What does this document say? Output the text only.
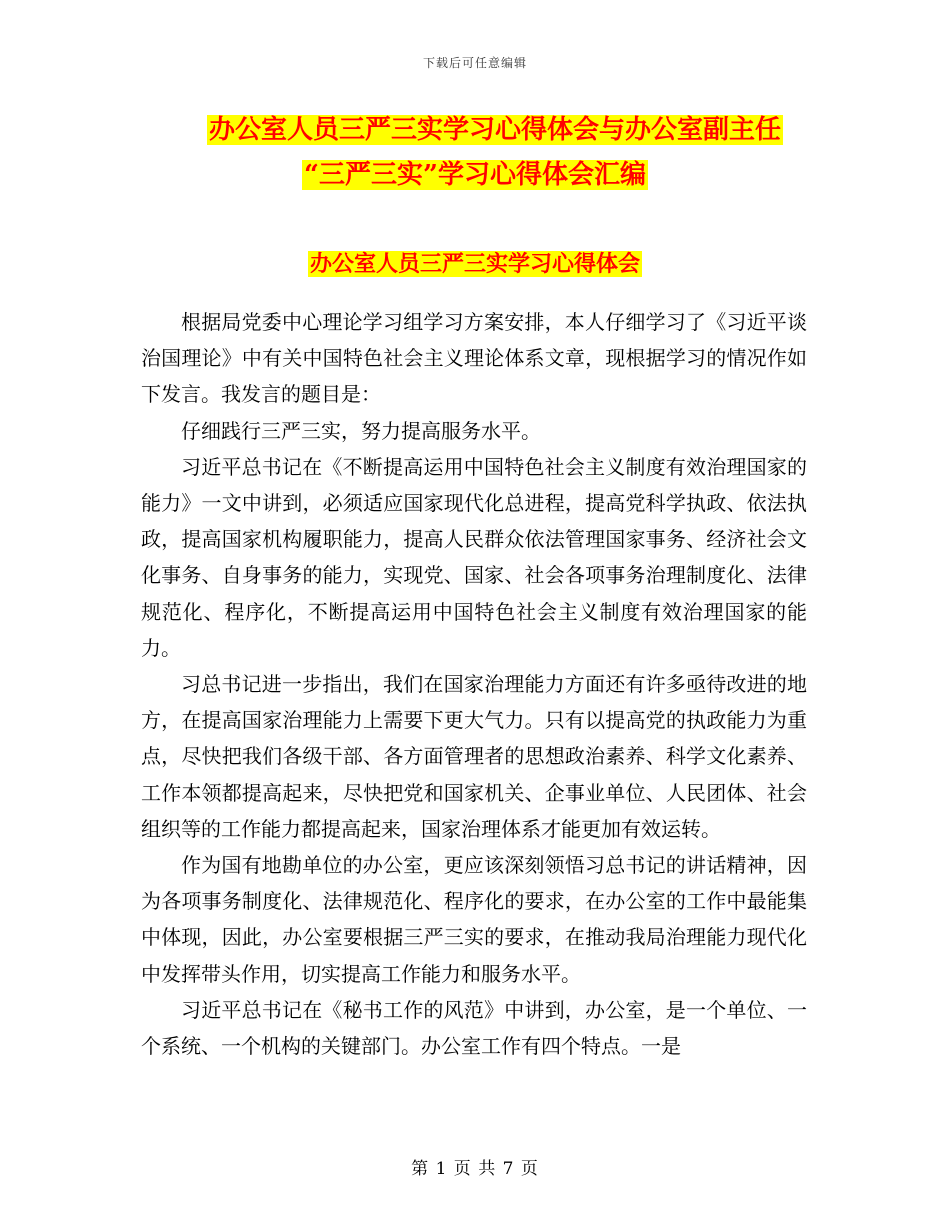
下载后可任意编辑
办公室人员三严三实学习心得体会与办公室副主任
“三严三实”学习心得体会汇编
办公室人员三严三实学习心得体会

根据局党委中心理论学习组学习方案安排，本人仔细学习了《习近平谈治国理论》中有关中国特色社会主义理论体系文章，现根据学习的情况作如下发言。我发言的题目是：

仔细践行三严三实，努力提高服务水平。

习近平总书记在《不断提高运用中国特色社会主义制度有效治理国家的能力》一文中讲到，必须适应国家现代化总进程，提高党科学执政、依法执政，提高国家机构履职能力，提高人民群众依法管理国家事务、经济社会文化事务、自身事务的能力，实现党、国家、社会各项事务治理制度化、法律规范化、程序化，不断提高运用中国特色社会主义制度有效治理国家的能力。

习总书记进一步指出，我们在国家治理能力方面还有许多亟待改进的地方，在提高国家治理能力上需要下更大气力。只有以提高党的执政能力为重点，尽快把我们各级干部、各方面管理者的思想政治素养、科学文化素养、工作本领都提高起来，尽快把党和国家机关、企事业单位、人民团体、社会组织等的工作能力都提高起来，国家治理体系才能更加有效运转。

作为国有地勘单位的办公室，更应该深刻领悟习总书记的讲话精神，因为各项事务制度化、法律规范化、程序化的要求，在办公室的工作中最能集中体现，因此，办公室要根据三严三实的要求，在推动我局治理能力现代化中发挥带头作用，切实提高工作能力和服务水平。

习近平总书记在《秘书工作的风范》中讲到，办公室，是一个单位、一个系统、一个机构的关键部门。办公室工作有四个特点。一是

第 1 页 共 7 页
